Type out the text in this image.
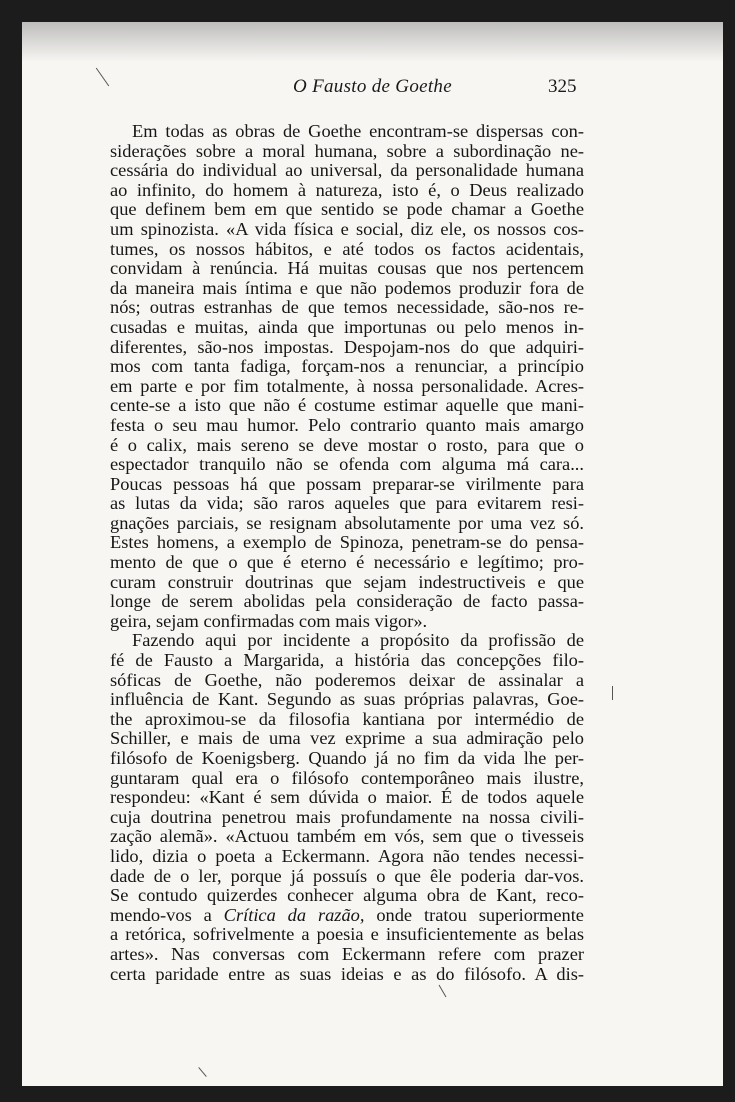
O Fausto de Goethe	325
Em todas as obras de Goethe encontram-se dispersas con-
siderações sobre a moral humana, sobre a subordinação ne-
cessária do individual ao universal, da personalidade humana
ao infinito, do homem à natureza, isto é, o Deus realizado
que definem bem em que sentido se pode chamar a Goethe
um spinozista. «A vida física e social, diz ele, os nossos cos-
tumes, os nossos hábitos, e até todos os factos acidentais,
convidam à renúncia. Há muitas cousas que nos pertencem
da maneira mais íntima e que não podemos produzir fora de
nós; outras estranhas de que temos necessidade, são-nos re-
cusadas e muitas, ainda que importunas ou pelo menos in-
diferentes, são-nos impostas. Despojam-nos do que adquiri-
mos com tanta fadiga, forçam-nos a renunciar, a princípio
em parte e por fim totalmente, à nossa personalidade. Acres-
cente-se a isto que não é costume estimar aquelle que mani-
festa o seu mau humor. Pelo contrario quanto mais amargo
é o calix, mais sereno se deve mostar o rosto, para que o
espectador tranquilo não se ofenda com alguma má cara...
Poucas pessoas há que possam preparar-se virilmente para
as lutas da vida; são raros aqueles que para evitarem resi-
gnações parciais, se resignam absolutamente por uma vez só.
Estes homens, a exemplo de Spinoza, penetram-se do pensa-
mento de que o que é eterno é necessário e legítimo; pro-
curam construir doutrinas que sejam indestructiveis e que
longe de serem abolidas pela consideração de facto passa-
geira, sejam confirmadas com mais vigor».
Fazendo aqui por incidente a propósito da profissão de
fé de Fausto a Margarida, a história das concepções filo-
sóficas de Goethe, não poderemos deixar de assinalar a
influência de Kant. Segundo as suas próprias palavras, Goe-
the aproximou-se da filosofia kantiana por intermédio de
Schiller, e mais de uma vez exprime a sua admiração pelo
filósofo de Koenigsberg. Quando já no fim da vida lhe per-
guntaram qual era o filósofo contemporâneo mais ilustre,
respondeu: «Kant é sem dúvida o maior. É de todos aquele
cuja doutrina penetrou mais profundamente na nossa civili-
zação alemã». «Actuou também em vós, sem que o tivesseis
lido, dizia o poeta a Eckermann. Agora não tendes necessi-
dade de o ler, porque já possuís o que êle poderia dar-vos.
Se contudo quizerdes conhecer alguma obra de Kant, reco-
mendo-vos a Crítica da razão, onde tratou superiormente
a retórica, sofrivelmente a poesia e insuficientemente as belas
artes». Nas conversas com Eckermann refere com prazer
certa paridade entre as suas ideias e as do filósofo. A dis-
